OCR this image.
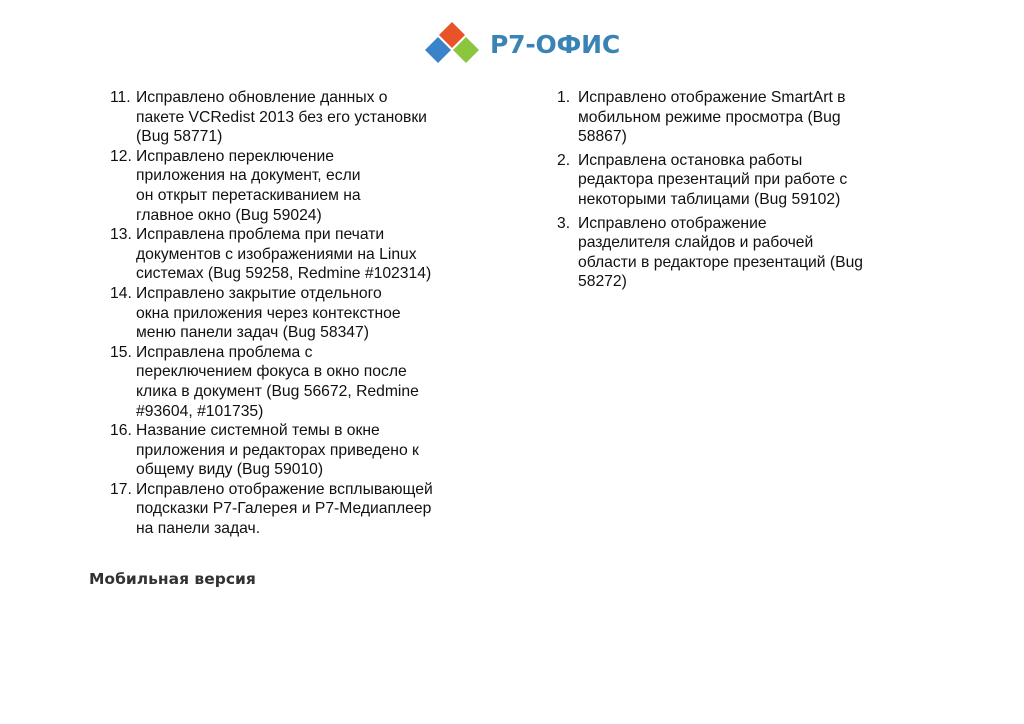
Р7-ОФИС
11. Исправлено обновление данных о
пакете VCRedist 2013 без его установки
(Bug 58771)
12. Исправлено переключение
приложения на документ, если
он открыт перетаскиванием на
главное окно (Bug 59024)
13. Исправлена проблема при печати
документов с изображениями на Linux
системах (Bug 59258, Redmine #102314)
14. Исправлено закрытие отдельного
окна приложения через контекстное
меню панели задач (Bug 58347)
15. Исправлена проблема с
переключением фокуса в окно после
клика в документ (Bug 56672, Redmine
#93604, #101735)
16. Название системной темы в окне
приложения и редакторах приведено к
общему виду (Bug 59010)
17. Исправлено отображение всплывающей
подсказки Р7-Галерея и Р7-Медиаплеер
на панели задач.
1. Исправлено отображение SmartArt в
мобильном режиме просмотра (Bug
58867)
2. Исправлена остановка работы
редактора презентаций при работе с
некоторыми таблицами (Bug 59102)
3. Исправлено отображение
разделителя слайдов и рабочей
области в редакторе презентаций (Bug
58272)
Мобильная версия
